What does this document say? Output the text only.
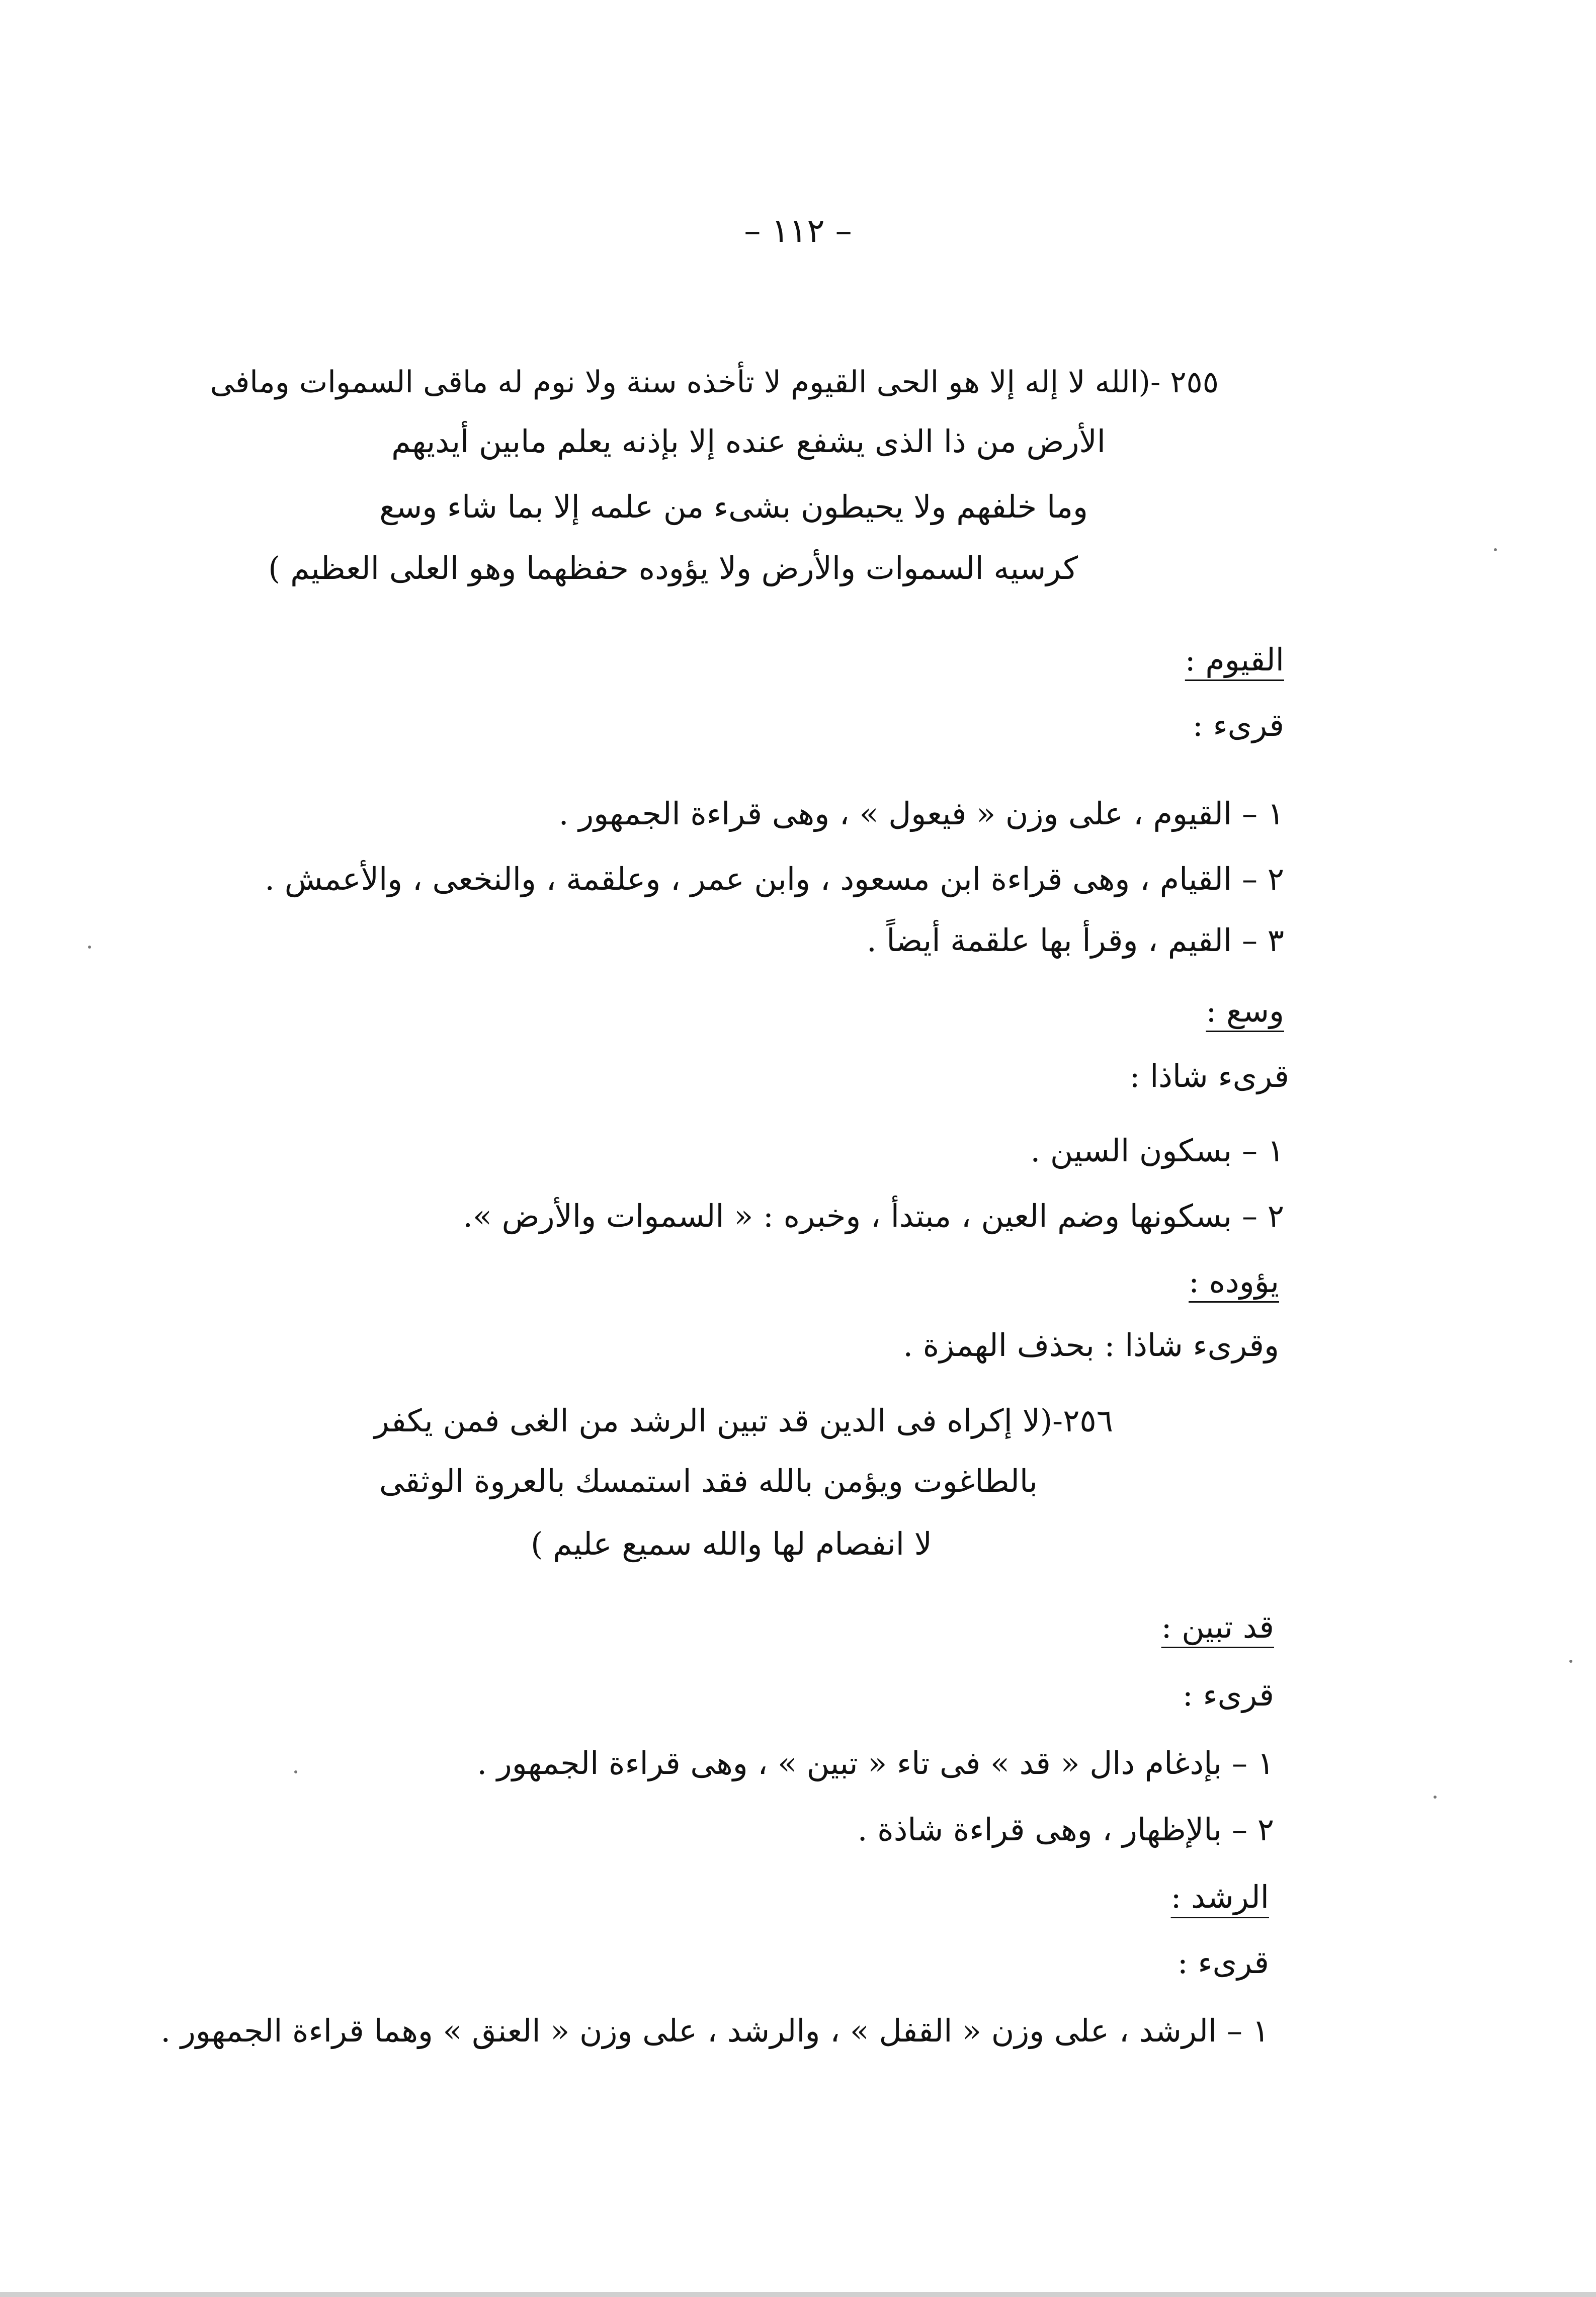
– ١١٢ –
٢٥٥ -(الله لا إله إلا هو الحى القيوم لا تأخذه سنة ولا نوم له ماقى السموات ومافى
الأرض من ذا الذى يشفع عنده إلا بإذنه يعلم مابين أيديهم
وما خلفهم ولا يحيطون بشىء من علمه إلا بما شاء وسع
كرسيه السموات والأرض ولا يؤوده حفظهما وهو العلى العظيم )
القيوم :
قرىء :
١ – القيوم ، على وزن « فيعول » ، وهى قراءة الجمهور .
٢ – القيام ، وهى قراءة ابن مسعود ، وابن عمر ، وعلقمة ، والنخعى ، والأعمش .
٣ – القيم ، وقرأ بها علقمة أيضاً .
وسع :
قرىء شاذا :
١ – بسكون السين .
٢ – بسكونها وضم العين ، مبتدأ ، وخبره : « السموات والأرض ».
يؤوده :
وقرىء شاذا : بحذف الهمزة .
٢٥٦-(لا إكراه فى الدين قد تبين الرشد من الغى فمن يكفر
بالطاغوت ويؤمن بالله فقد استمسك بالعروة الوثقى
لا انفصام لها والله سميع عليم )
قد تبين :
قرىء :
١ – بإدغام دال « قد » فى تاء « تبين » ، وهى قراءة الجمهور .
٢ – بالإظهار ، وهى قراءة شاذة .
الرشد :
قرىء :
١ – الرشد ، على وزن « القفل » ، والرشد ، على وزن « العنق » وهما قراءة الجمهور .
